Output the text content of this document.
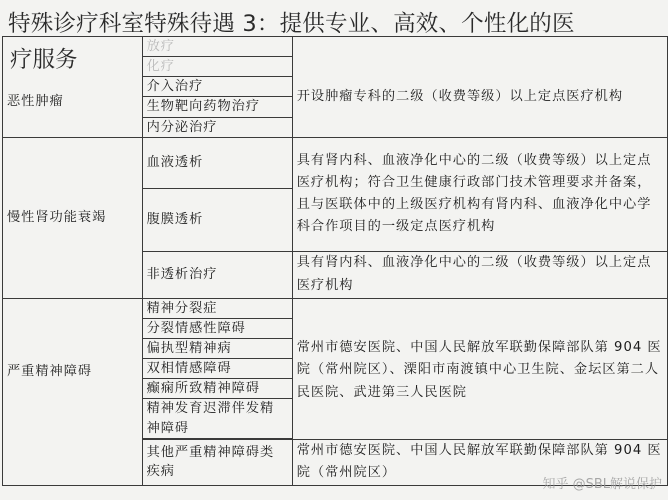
特殊诊疗科室特殊待遇 3：提供专业、高效、个性化的医
疗服务
恶性肿瘤	放疗	开设肿瘤专科的二级（收费等级）以上定点医疗机构
	化疗	
	介入治疗	
	生物靶向药物治疗	
	内分泌治疗	
慢性肾功能衰竭	血液透析	具有肾内科、血液净化中心的二级（收费等级）以上定点医疗机构；符合卫生健康行政部门技术管理要求并备案，且与医联体中的上级医疗机构有肾内科、血液净化中心学科合作项目的一级定点医疗机构
	腹膜透析	
	非透析治疗	具有肾内科、血液净化中心的二级（收费等级）以上定点医疗机构
严重精神障碍	精神分裂症	常州市德安医院、中国人民解放军联勤保障部队第 904 医院（常州院区）、溧阳市南渡镇中心卫生院、金坛区第二人民医院、武进第三人民医院
	分裂情感性障碍	
	偏执型精神病	
	双相情感障碍	
	癫痫所致精神障碍	
	精神发育迟滞伴发精神障碍	

	其他严重精神障碍类疾病	常州市德安医院、中国人民解放军联勤保障部队第 904 医院（常州院区）
知乎 @SBL解说保护
